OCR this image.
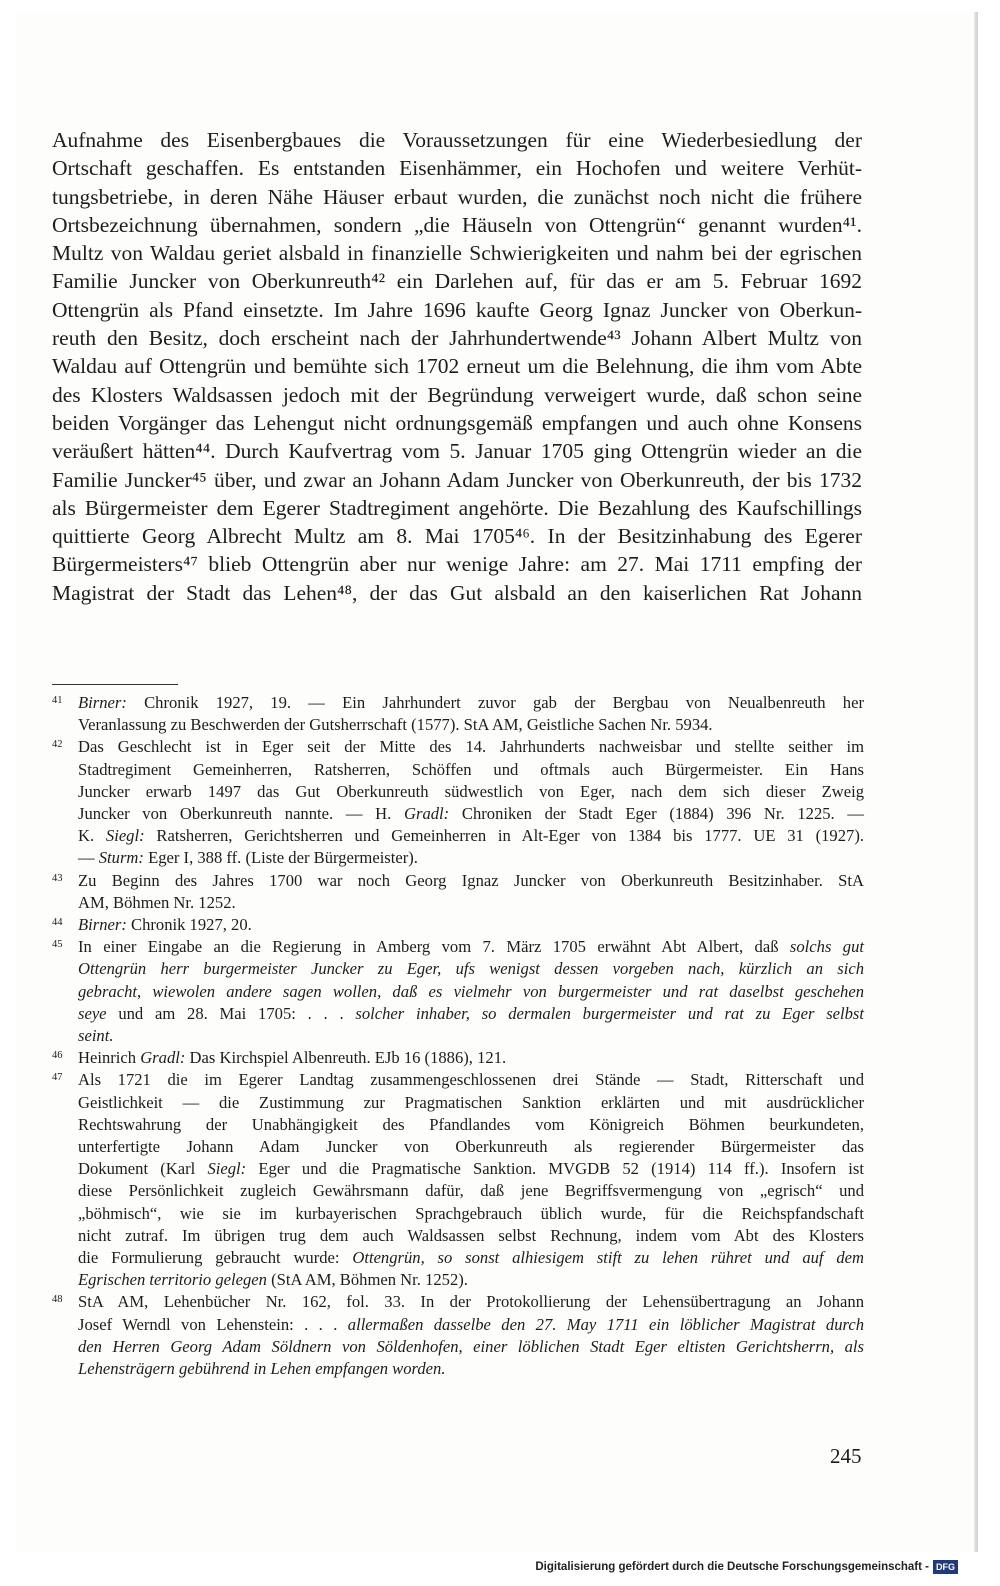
Aufnahme des Eisenbergbaues die Voraussetzungen für eine Wiederbesiedlung der
Ortschaft geschaffen. Es entstanden Eisenhämmer, ein Hochofen und weitere Verhüt-
tungsbetriebe, in deren Nähe Häuser erbaut wurden, die zunächst noch nicht die frühere
Ortsbezeichnung übernahmen, sondern „die Häuseln von Ottengrün“ genannt wurden⁴¹.
Multz von Waldau geriet alsbald in finanzielle Schwierigkeiten und nahm bei der egrischen
Familie Juncker von Oberkunreuth⁴² ein Darlehen auf, für das er am 5. Februar 1692
Ottengrün als Pfand einsetzte. Im Jahre 1696 kaufte Georg Ignaz Juncker von Oberkun-
reuth den Besitz, doch erscheint nach der Jahrhundertwende⁴³ Johann Albert Multz von
Waldau auf Ottengrün und bemühte sich 1702 erneut um die Belehnung, die ihm vom Abte
des Klosters Waldsassen jedoch mit der Begründung verweigert wurde, daß schon seine
beiden Vorgänger das Lehengut nicht ordnungsgemäß empfangen und auch ohne Konsens
veräußert hätten⁴⁴. Durch Kaufvertrag vom 5. Januar 1705 ging Ottengrün wieder an die
Familie Juncker⁴⁵ über, und zwar an Johann Adam Juncker von Oberkunreuth, der bis 1732
als Bürgermeister dem Egerer Stadtregiment angehörte. Die Bezahlung des Kaufschillings
quittierte Georg Albrecht Multz am 8. Mai 1705⁴⁶. In der Besitzinhabung des Egerer
Bürgermeisters⁴⁷ blieb Ottengrün aber nur wenige Jahre: am 27. Mai 1711 empfing der
Magistrat der Stadt das Lehen⁴⁸, der das Gut alsbald an den kaiserlichen Rat Johann
41 Birner: Chronik 1927, 19. — Ein Jahrhundert zuvor gab der Bergbau von Neualbenreuth her
Veranlassung zu Beschwerden der Gutsherrschaft (1577). StA AM, Geistliche Sachen Nr. 5934.
42 Das Geschlecht ist in Eger seit der Mitte des 14. Jahrhunderts nachweisbar und stellte seither im
Stadtregiment Gemeinherren, Ratsherren, Schöffen und oftmals auch Bürgermeister. Ein Hans
Juncker erwarb 1497 das Gut Oberkunreuth südwestlich von Eger, nach dem sich dieser Zweig
Juncker von Oberkunreuth nannte. — H. Gradl: Chroniken der Stadt Eger (1884) 396 Nr. 1225. —
K. Siegl: Ratsherren, Gerichtsherren und Gemeinherren in Alt-Eger von 1384 bis 1777. UE 31 (1927).
— Sturm: Eger I, 388 ff. (Liste der Bürgermeister).
43 Zu Beginn des Jahres 1700 war noch Georg Ignaz Juncker von Oberkunreuth Besitzinhaber. StA
AM, Böhmen Nr. 1252.
44 Birner: Chronik 1927, 20.
45 In einer Eingabe an die Regierung in Amberg vom 7. März 1705 erwähnt Abt Albert, daß solchs gut
Ottengrün herr burgermeister Juncker zu Eger, ufs wenigst dessen vorgeben nach, kürzlich an sich
gebracht, wiewolen andere sagen wollen, daß es vielmehr von burgermeister und rat daselbst geschehen
seye und am 28. Mai 1705: . . . solcher inhaber, so dermalen burgermeister und rat zu Eger selbst
seint.
46 Heinrich Gradl: Das Kirchspiel Albenreuth. EJb 16 (1886), 121.
47 Als 1721 die im Egerer Landtag zusammengeschlossenen drei Stände — Stadt, Ritterschaft und
Geistlichkeit — die Zustimmung zur Pragmatischen Sanktion erklärten und mit ausdrücklicher
Rechtswahrung der Unabhängigkeit des Pfandlandes vom Königreich Böhmen beurkundeten,
unterfertigte Johann Adam Juncker von Oberkunreuth als regierender Bürgermeister das
Dokument (Karl Siegl: Eger und die Pragmatische Sanktion. MVGDB 52 (1914) 114 ff.). Insofern ist
diese Persönlichkeit zugleich Gewährsmann dafür, daß jene Begriffsvermengung von „egrisch“ und
„böhmisch“, wie sie im kurbayerischen Sprachgebrauch üblich wurde, für die Reichspfandschaft
nicht zutraf. Im übrigen trug dem auch Waldsassen selbst Rechnung, indem vom Abt des Klosters
die Formulierung gebraucht wurde: Ottengrün, so sonst alhiesigem stift zu lehen rühret und auf dem
Egrischen territorio gelegen (StA AM, Böhmen Nr. 1252).
48 StA AM, Lehenbücher Nr. 162, fol. 33. In der Protokollierung der Lehensübertragung an Johann
Josef Werndl von Lehenstein: . . . allermaßen dasselbe den 27. May 1711 ein löblicher Magistrat durch
den Herren Georg Adam Söldnern von Söldenhofen, einer löblichen Stadt Eger eltisten Gerichtsherrn, als
Lehensträgern gebührend in Lehen empfangen worden.
245
Digitalisierung gefördert durch die Deutsche Forschungsgemeinschaft - DFG
